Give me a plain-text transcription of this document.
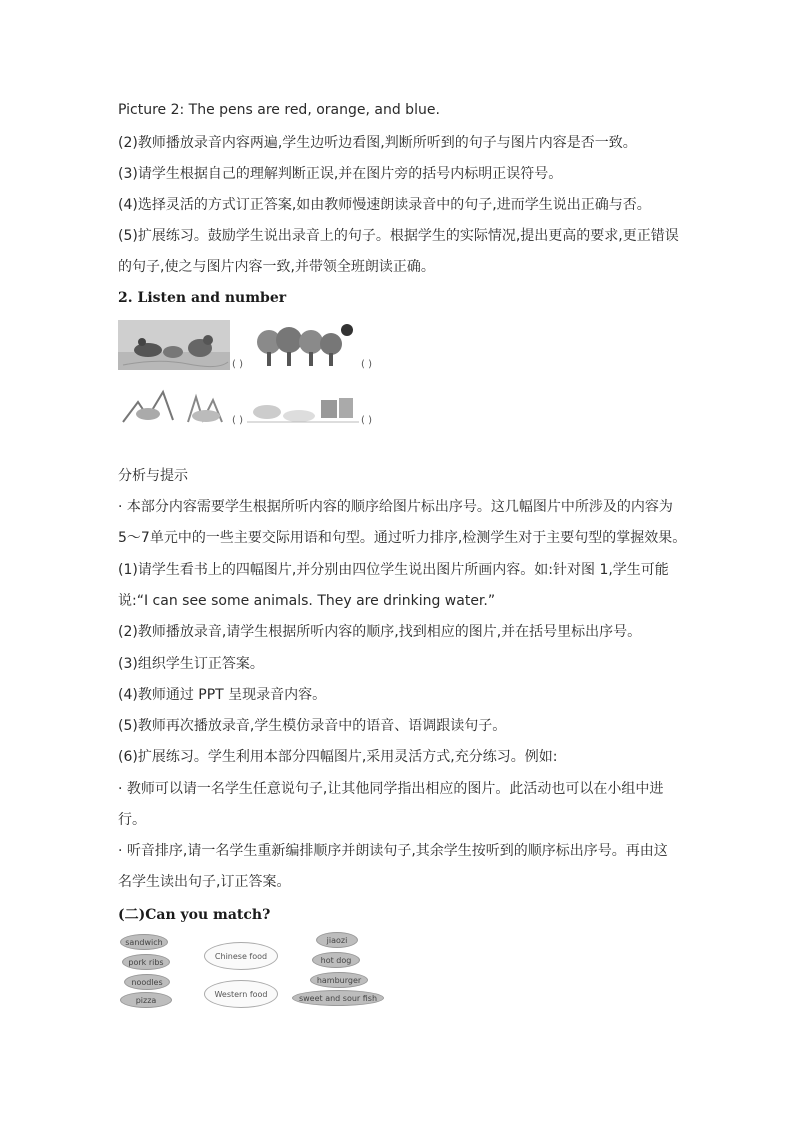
Picture 2: The pens are red, orange, and blue.
(2)教师播放录音内容两遍,学生边听边看图,判断所听到的句子与图片内容是否一致。
(3)请学生根据自己的理解判断正误,并在图片旁的括号内标明正误符号。
(4)选择灵活的方式订正答案,如由教师慢速朗读录音中的句子,进而学生说出正确与否。
(5)扩展练习。鼓励学生说出录音上的句子。根据学生的实际情况,提出更高的要求,更正错误
的句子,使之与图片内容一致,并带领全班朗读正确。
2. Listen and number
( )	( )
( )	( )
分析与提示
· 本部分内容需要学生根据所听内容的顺序给图片标出序号。这几幅图片中所涉及的内容为
5～7单元中的一些主要交际用语和句型。通过听力排序,检测学生对于主要句型的掌握效果。
(1)请学生看书上的四幅图片,并分别由四位学生说出图片所画内容。如:针对图 1,学生可能
说:“I can see some animals. They are drinking water.”
(2)教师播放录音,请学生根据所听内容的顺序,找到相应的图片,并在括号里标出序号。
(3)组织学生订正答案。
(4)教师通过 PPT 呈现录音内容。
(5)教师再次播放录音,学生模仿录音中的语音、语调跟读句子。
(6)扩展练习。学生利用本部分四幅图片,采用灵活方式,充分练习。例如:
· 教师可以请一名学生任意说句子,让其他同学指出相应的图片。此活动也可以在小组中进
行。
· 听音排序,请一名学生重新编排顺序并朗读句子,其余学生按听到的顺序标出序号。再由这
名学生读出句子,订正答案。
(二)Can you match?
sandwich
pork ribs
noodles
pizza
Chinese food
Western food
jiaozi
hot dog
hamburger
sweet and sour fish
